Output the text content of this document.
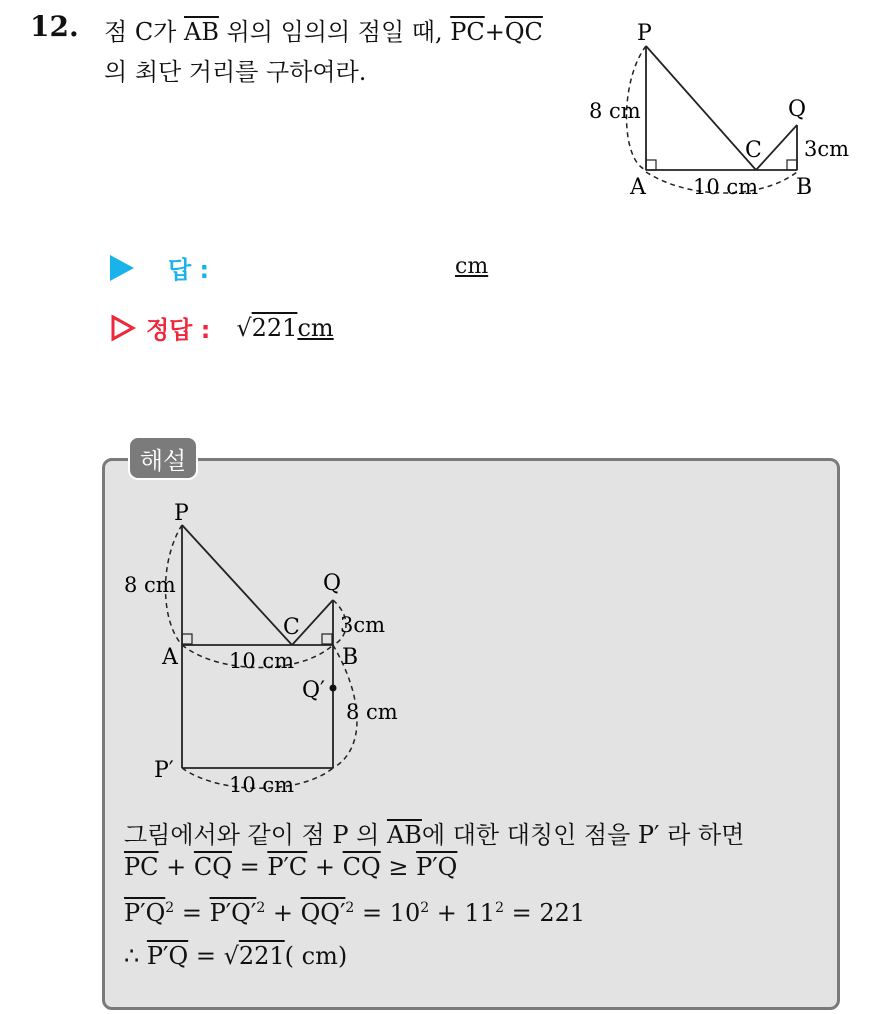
12. 점 C가 $\overline{AB}$ 위의 임의의 점일 때, $\overline{PC}+\overline{QC}$
의 최단 거리를 구하여라.
P
Q
A	B
C
8 cm
3cm
10 cm
답 :	cm
정답 : √221cm
해설
P
Q
A	B
C
Q′
P′
8 cm
3cm
10 cm
8 cm
10 cm
그림에서와 같이 점 P 의 $\overline{AB}$에 대한 대칭인 점을 P′ 라 하면
$\overline{PC} + \overline{CQ} = P'C + \overline{CQ} \ge P'Q$
$P'Q^2 = P'Q'^2 + QQ'^2 = 10^2 + 11^2 = 221$
∴ P′Q = √221( cm)
